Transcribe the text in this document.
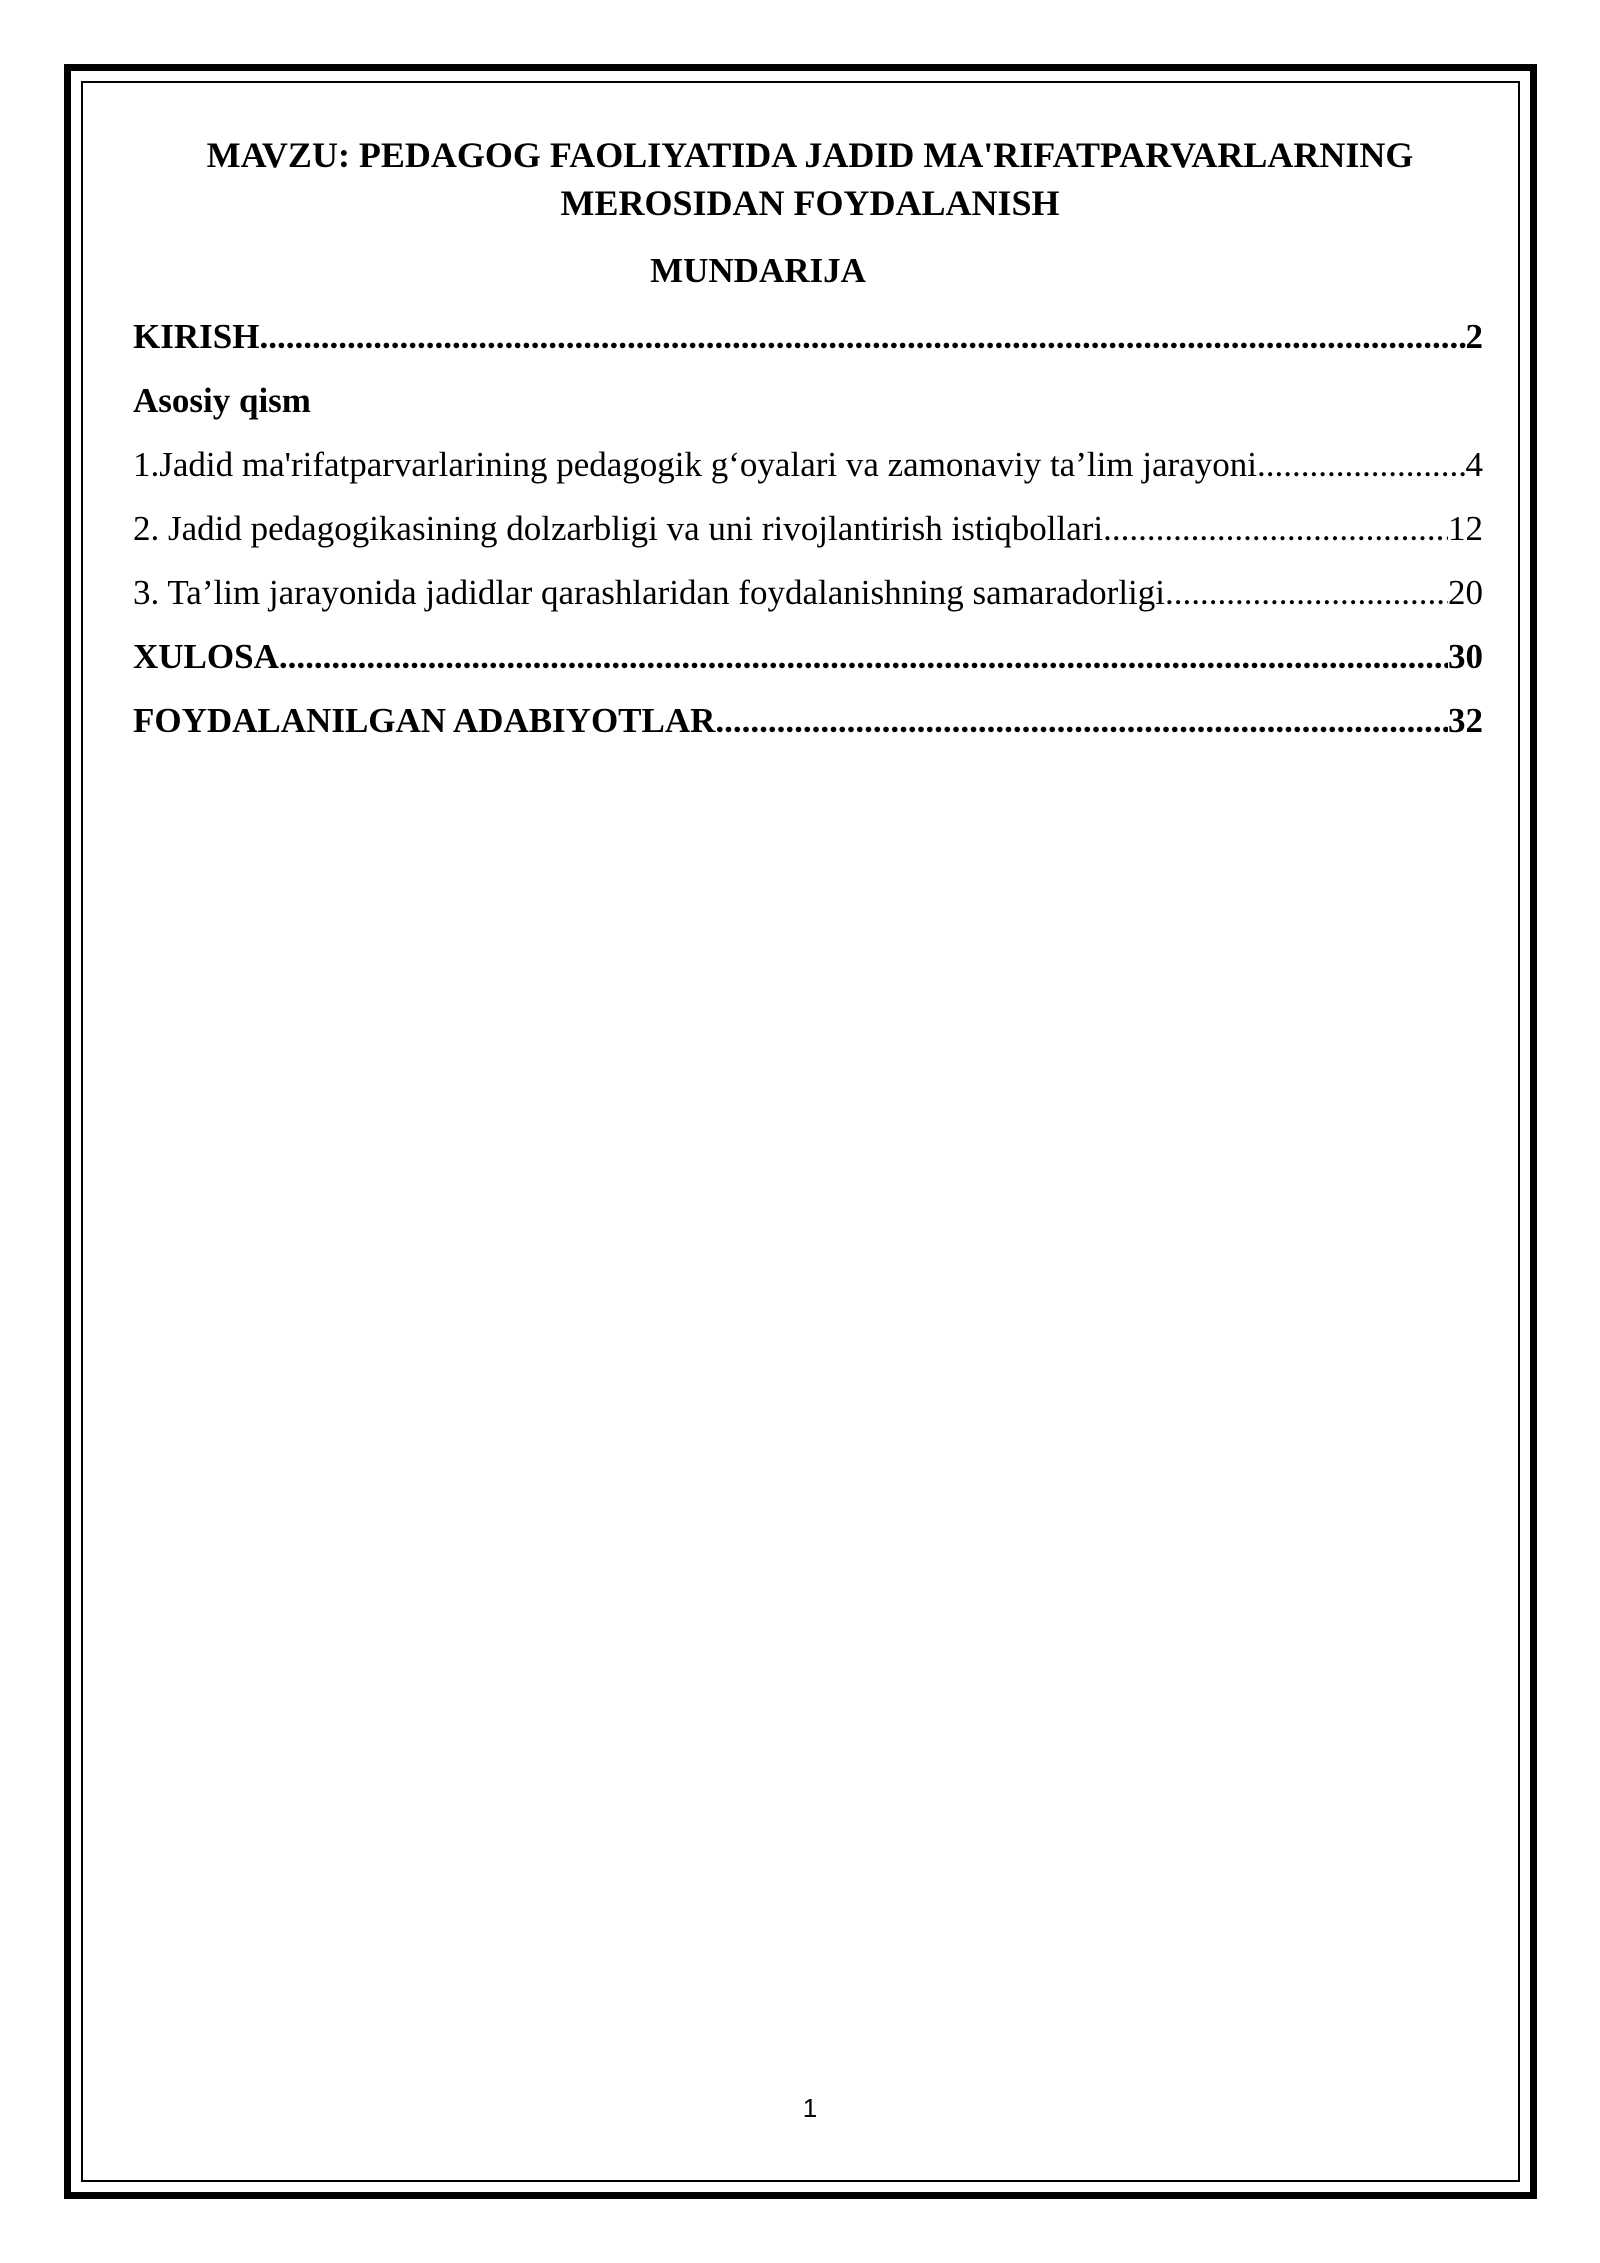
MAVZU: PEDAGOG FAOLIYATIDA JADID MA'RIFATPARVARLARNING MEROSIDAN FOYDALANISH
MUNDARIJA
KIRISH .....	2
Asosiy qism
1.Jadid ma'rifatparvarlarining pedagogik g‘oyalari va zamonaviy ta’lim jarayoni .....	4
2. Jadid pedagogikasining dolzarbligi va uni rivojlantirish istiqbollari .....	12
3. Ta’lim jarayonida jadidlar qarashlaridan foydalanishning samaradorligi .....	20
XULOSA .....	30
FOYDALANILGAN ADABIYOTLAR .....	32
1
